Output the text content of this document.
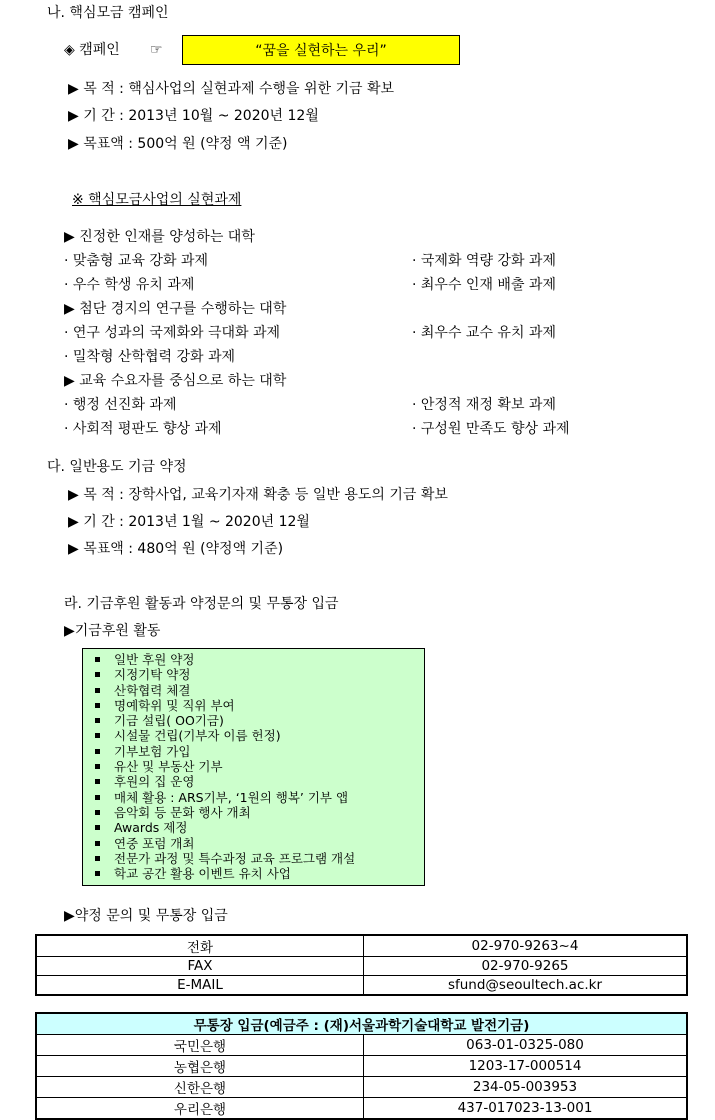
나. 핵심모금 캠페인
◈ 캠페인 ☞	“꿈을 실현하는 우리”
▶ 목 적 : 핵심사업의 실현과제 수행을 위한 기금 확보
▶ 기 간 : 2013년 10월 ~ 2020년 12월
▶ 목표액 : 500억 원 (약정 액 기준)
※ 핵심모금사업의 실현과제
▶ 진정한 인재를 양성하는 대학
· 맞춤형 교육 강화 과제	· 국제화 역량 강화 과제
· 우수 학생 유치 과제	· 최우수 인재 배출 과제
▶ 첨단 경지의 연구를 수행하는 대학
· 연구 성과의 국제화와 극대화 과제	· 최우수 교수 유치 과제
· 밀착형 산학협력 강화 과제
▶ 교육 수요자를 중심으로 하는 대학
· 행정 선진화 과제	· 안정적 재정 확보 과제
· 사회적 평판도 향상 과제	· 구성원 만족도 향상 과제
다. 일반용도 기금 약정
▶ 목 적 : 장학사업, 교육기자재 확충 등 일반 용도의 기금 확보
▶ 기 간 : 2013년 1월 ~ 2020년 12월
▶ 목표액 : 480억 원 (약정액 기준)
라. 기금후원 활동과 약정문의 및 무통장 입금
▶기금후원 활동
일반 후원 약정
지정기탁 약정
산학협력 체결
명예학위 및 직위 부여
기금 설립( OO기금)
시설물 건립(기부자 이름 헌정)
기부보험 가입
유산 및 부동산 기부
후원의 집 운영
매체 활용 : ARS기부, ‘1원의 행복’ 기부 앱
음악회 등 문화 행사 개최
Awards 제정
연중 포럼 개최
전문가 과정 및 특수과정 교육 프로그램 개설
학교 공간 활용 이벤트 유치 사업
▶약정 문의 및 무통장 입금
전화	02-970-9263~4
FAX	02-970-9265
E-MAIL	sfund@seoultech.ac.kr
무통장 입금(예금주 : (재)서울과학기술대학교 발전기금)	
국민은행	063-01-0325-080
농협은행	1203-17-000514
신한은행	234-05-003953
우리은행	437-017023-13-001
